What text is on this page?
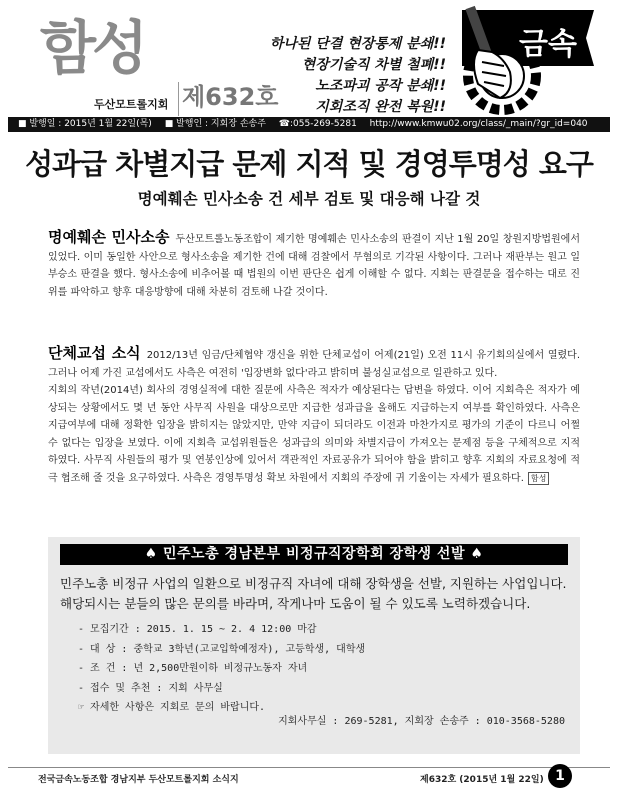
함성
두산모트롤지회 제632호
하나된 단결 현장통제 분쇄!!
현장기술직 차별 철폐!!
노조파괴 공작 분쇄!!
지회조직 완전 복원!!
금속
■ 발행일 : 2015년 1월 22일(목) ■ 발행인 : 지회장 손송주 ☎:055-269-5281 http://www.kmwu02.org/class/_main/?gr_id=040
성과급 차별지급 문제 지적 및 경영투명성 요구
명예훼손 민사소송 건 세부 검토 및 대응해 나갈 것

명예훼손 민사소송 두산모트롤노동조합이 제기한 명예훼손 민사소송의 판결이 지난 1월 20일 창원지방법원에서 있었다. 이미 동일한 사안으로 형사소송을 제기한 건에 대해 검찰에서 무혐의로 기각된 사항이다. 그러나 재판부는 원고 일부승소 판결을 했다. 형사소송에 비추어볼 때 법원의 이번 판단은 쉽게 이해할 수 없다. 지회는 판결문을 접수하는 대로 진위를 파악하고 향후 대응방향에 대해 차분히 검토해 나갈 것이다.

단체교섭 소식 2012/13년 임금/단체협약 갱신을 위한 단체교섭이 어제(21일) 오전 11시 유기회의실에서 열렸다. 그러나 어제 가진 교섭에서도 사측은 여전히 '입장변화 없다'라고 밝히며 불성실교섭으로 일관하고 있다.

지회의 작년(2014년) 회사의 경영실적에 대한 질문에 사측은 적자가 예상된다는 답변을 하였다. 이어 지회측은 적자가 예상되는 상황에서도 몇 년 동안 사무직 사원을 대상으로만 지급한 성과급을 올해도 지급하는지 여부를 확인하였다. 사측은 지급여부에 대해 정확한 입장을 밝히지는 않았지만, 만약 지급이 되더라도 이전과 마찬가지로 평가의 기준이 다르니 어쩔 수 없다는 입장을 보였다. 이에 지회측 교섭위원들은 성과급의 의미와 차별지급이 가져오는 문제점 등을 구체적으로 지적 하였다. 사무직 사원들의 평가 및 연봉인상에 있어서 객관적인 자료공유가 되어야 함을 밝히고 향후 지회의 자료요청에 적극 협조해 줄 것을 요구하였다. 사측은 경영투명성 확보 차원에서 지회의 주장에 귀 기울이는 자세가 필요하다. 함성

♠ 민주노총 경남본부 비정규직장학회 장학생 선발 ♠
민주노총 비정규 사업의 일환으로 비정규직 자녀에 대해 장학생을 선발, 지원하는 사업입니다.
해당되시는 분들의 많은 문의를 바라며, 작게나마 도움이 될 수 있도록 노력하겠습니다.
- 모집기간 : 2015. 1. 15 ~ 2. 4 12:00 마감
- 대 상 : 중학교 3학년(고교입학예정자), 고등학생, 대학생
- 조 건 : 년 2,500만원이하 비정규노동자 자녀
- 접수 및 추천 : 지회 사무실
☞ 자세한 사항은 지회로 문의 바랍니다.
지회사무실 : 269-5281, 지회장 손송주 : 010-3568-5280
전국금속노동조합 경남지부 두산모트롤지회 소식지	제632호 (2015년 1월 22일) 1
